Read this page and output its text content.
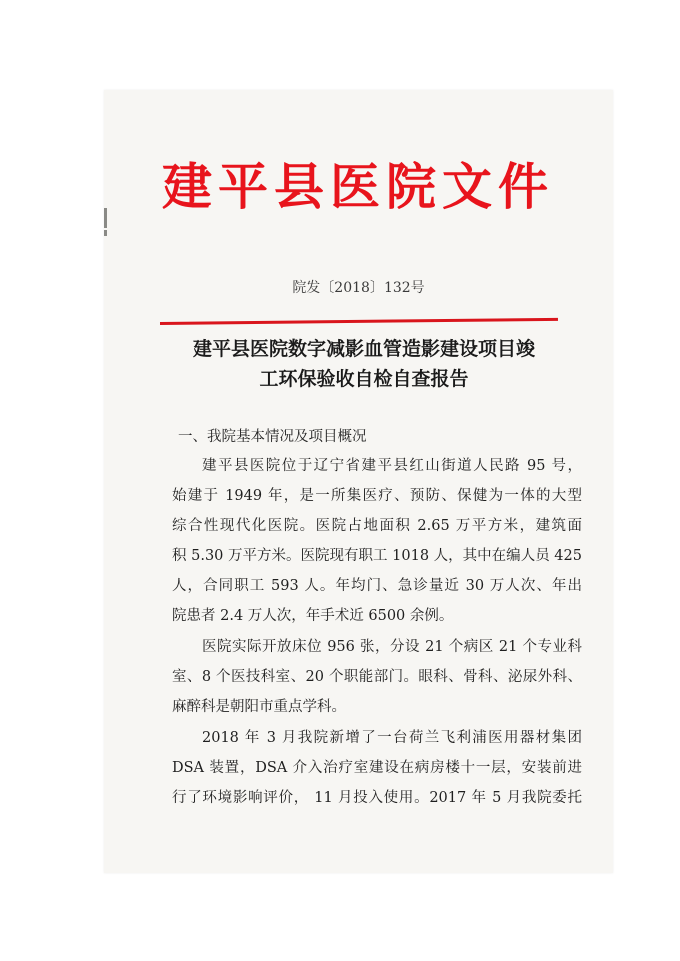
建平县医院文件
院发〔2018〕132号
建平县医院数字减影血管造影建设项目竣
工环保验收自检自查报告
一、我院基本情况及项目概况
建平县医院位于辽宁省建平县红山街道人民路 95 号，
始建于 1949 年，是一所集医疗、预防、保健为一体的大型
综合性现代化医院。医院占地面积 2.65 万平方米，建筑面
积 5.30 万平方米。医院现有职工 1018 人，其中在编人员 425
人，合同职工 593 人。年均门、急诊量近 30 万人次、年出
院患者 2.4 万人次，年手术近 6500 余例。
医院实际开放床位 956 张，分设 21 个病区 21 个专业科
室、8 个医技科室、20 个职能部门。眼科、骨科、泌尿外科、
麻醉科是朝阳市重点学科。
2018 年 3 月我院新增了一台荷兰飞利浦医用器材集团
DSA 装置，DSA 介入治疗室建设在病房楼十一层，安装前进
行了环境影响评价， 11 月投入使用。2017 年 5 月我院委托
